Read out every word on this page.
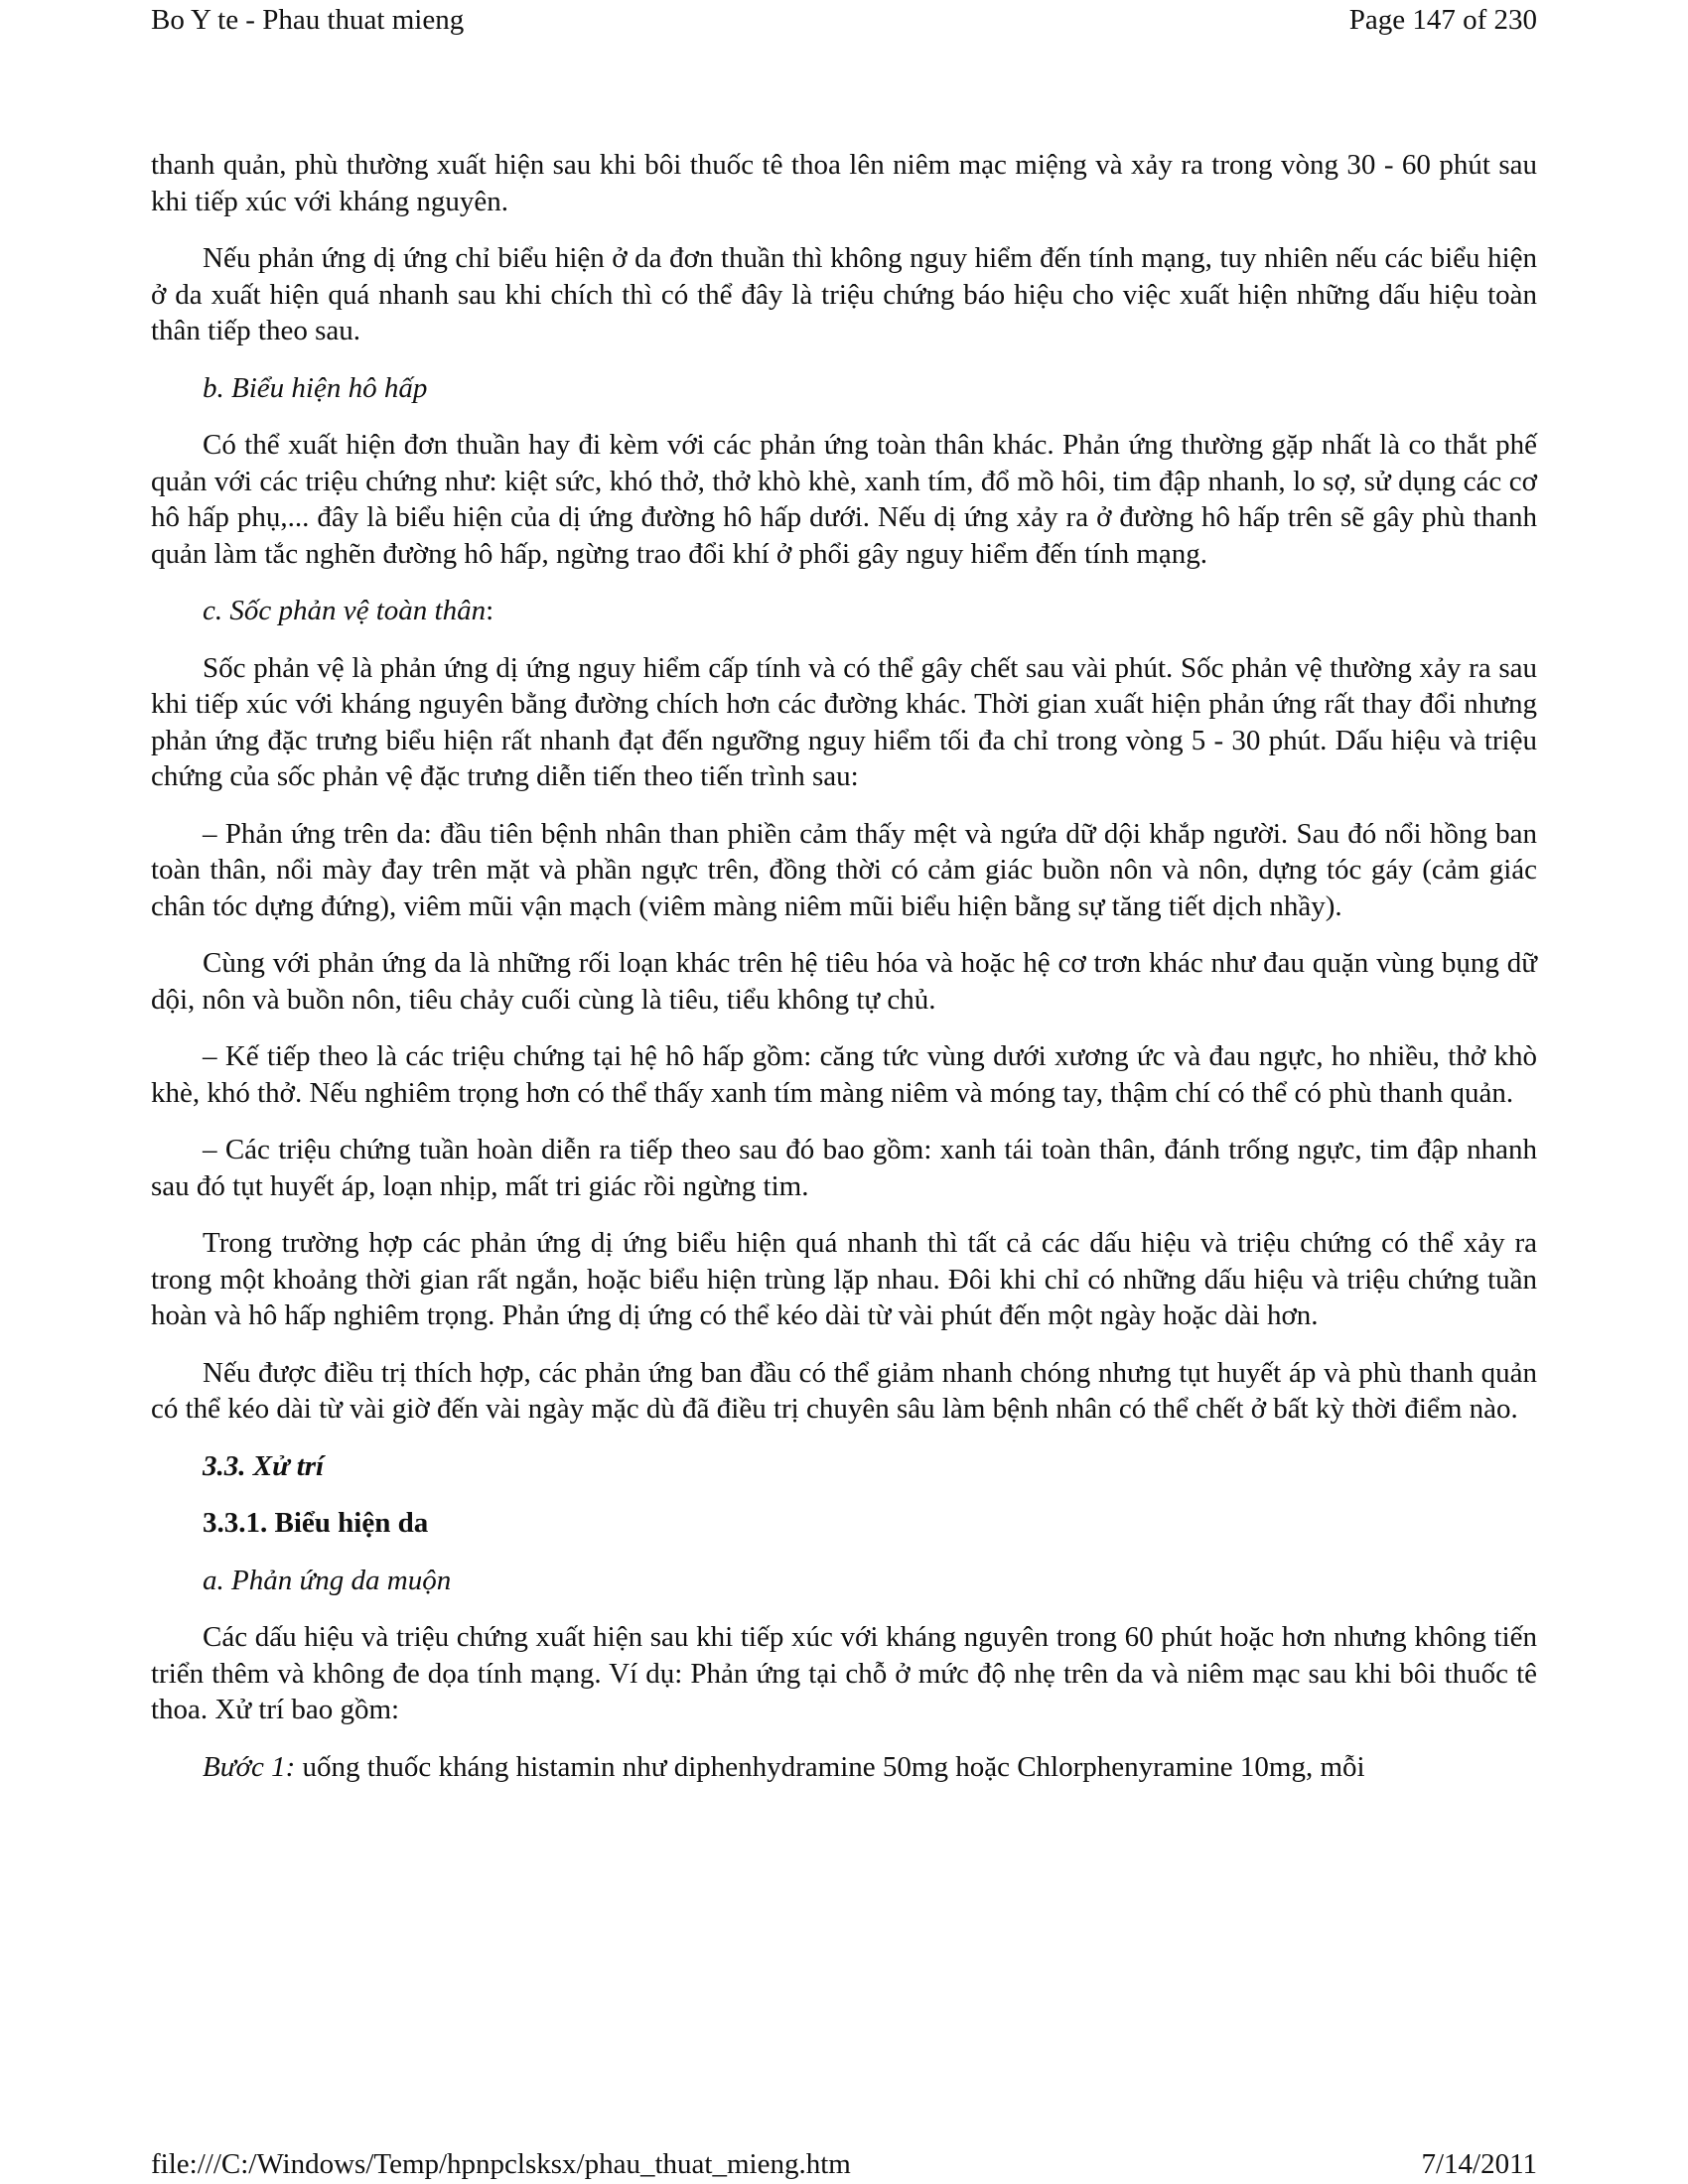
Bo Y te - Phau thuat mieng	Page 147 of 230

thanh quản, phù thường xuất hiện sau khi bôi thuốc tê thoa lên niêm mạc miệng và xảy ra trong vòng 30 - 60 phút sau khi tiếp xúc với kháng nguyên.

Nếu phản ứng dị ứng chỉ biểu hiện ở da đơn thuần thì không nguy hiểm đến tính mạng, tuy nhiên nếu các biểu hiện ở da xuất hiện quá nhanh sau khi chích thì có thể đây là triệu chứng báo hiệu cho việc xuất hiện những dấu hiệu toàn thân tiếp theo sau.

b. Biểu hiện hô hấp

Có thể xuất hiện đơn thuần hay đi kèm với các phản ứng toàn thân khác. Phản ứng thường gặp nhất là co thắt phế quản với các triệu chứng như: kiệt sức, khó thở, thở khò khè, xanh tím, đổ mồ hôi, tim đập nhanh, lo sợ, sử dụng các cơ hô hấp phụ,... đây là biểu hiện của dị ứng đường hô hấp dưới. Nếu dị ứng xảy ra ở đường hô hấp trên sẽ gây phù thanh quản làm tắc nghẽn đường hô hấp, ngừng trao đổi khí ở phổi gây nguy hiểm đến tính mạng.

c. Sốc phản vệ toàn thân:

Sốc phản vệ là phản ứng dị ứng nguy hiểm cấp tính và có thể gây chết sau vài phút. Sốc phản vệ thường xảy ra sau khi tiếp xúc với kháng nguyên bằng đường chích hơn các đường khác. Thời gian xuất hiện phản ứng rất thay đổi nhưng phản ứng đặc trưng biểu hiện rất nhanh đạt đến ngưỡng nguy hiểm tối đa chỉ trong vòng 5 - 30 phút. Dấu hiệu và triệu chứng của sốc phản vệ đặc trưng diễn tiến theo tiến trình sau:

– Phản ứng trên da: đầu tiên bệnh nhân than phiền cảm thấy mệt và ngứa dữ dội khắp người. Sau đó nổi hồng ban toàn thân, nổi mày đay trên mặt và phần ngực trên, đồng thời có cảm giác buồn nôn và nôn, dựng tóc gáy (cảm giác chân tóc dựng đứng), viêm mũi vận mạch (viêm màng niêm mũi biểu hiện bằng sự tăng tiết dịch nhầy).

Cùng với phản ứng da là những rối loạn khác trên hệ tiêu hóa và hoặc hệ cơ trơn khác như đau quặn vùng bụng dữ dội, nôn và buồn nôn, tiêu chảy cuối cùng là tiêu, tiểu không tự chủ.

– Kế tiếp theo là các triệu chứng tại hệ hô hấp gồm: căng tức vùng dưới xương ức và đau ngực, ho nhiều, thở khò khè, khó thở. Nếu nghiêm trọng hơn có thể thấy xanh tím màng niêm và móng tay, thậm chí có thể có phù thanh quản.

– Các triệu chứng tuần hoàn diễn ra tiếp theo sau đó bao gồm: xanh tái toàn thân, đánh trống ngực, tim đập nhanh sau đó tụt huyết áp, loạn nhịp, mất tri giác rồi ngừng tim.

Trong trường hợp các phản ứng dị ứng biểu hiện quá nhanh thì tất cả các dấu hiệu và triệu chứng có thể xảy ra trong một khoảng thời gian rất ngắn, hoặc biểu hiện trùng lặp nhau. Đôi khi chỉ có những dấu hiệu và triệu chứng tuần hoàn và hô hấp nghiêm trọng. Phản ứng dị ứng có thể kéo dài từ vài phút đến một ngày hoặc dài hơn.

Nếu được điều trị thích hợp, các phản ứng ban đầu có thể giảm nhanh chóng nhưng tụt huyết áp và phù thanh quản có thể kéo dài từ vài giờ đến vài ngày mặc dù đã điều trị chuyên sâu làm bệnh nhân có thể chết ở bất kỳ thời điểm nào.

3.3. Xử trí

3.3.1. Biểu hiện da

a. Phản ứng da muộn

Các dấu hiệu và triệu chứng xuất hiện sau khi tiếp xúc với kháng nguyên trong 60 phút hoặc hơn nhưng không tiến triển thêm và không đe dọa tính mạng. Ví dụ: Phản ứng tại chỗ ở mức độ nhẹ trên da và niêm mạc sau khi bôi thuốc tê thoa. Xử trí bao gồm:

Bước 1: uống thuốc kháng histamin như diphenhydramine 50mg hoặc Chlorphenyramine 10mg, mỗi

file:///C:/Windows/Temp/hpnpclsksx/phau_thuat_mieng.htm	7/14/2011
